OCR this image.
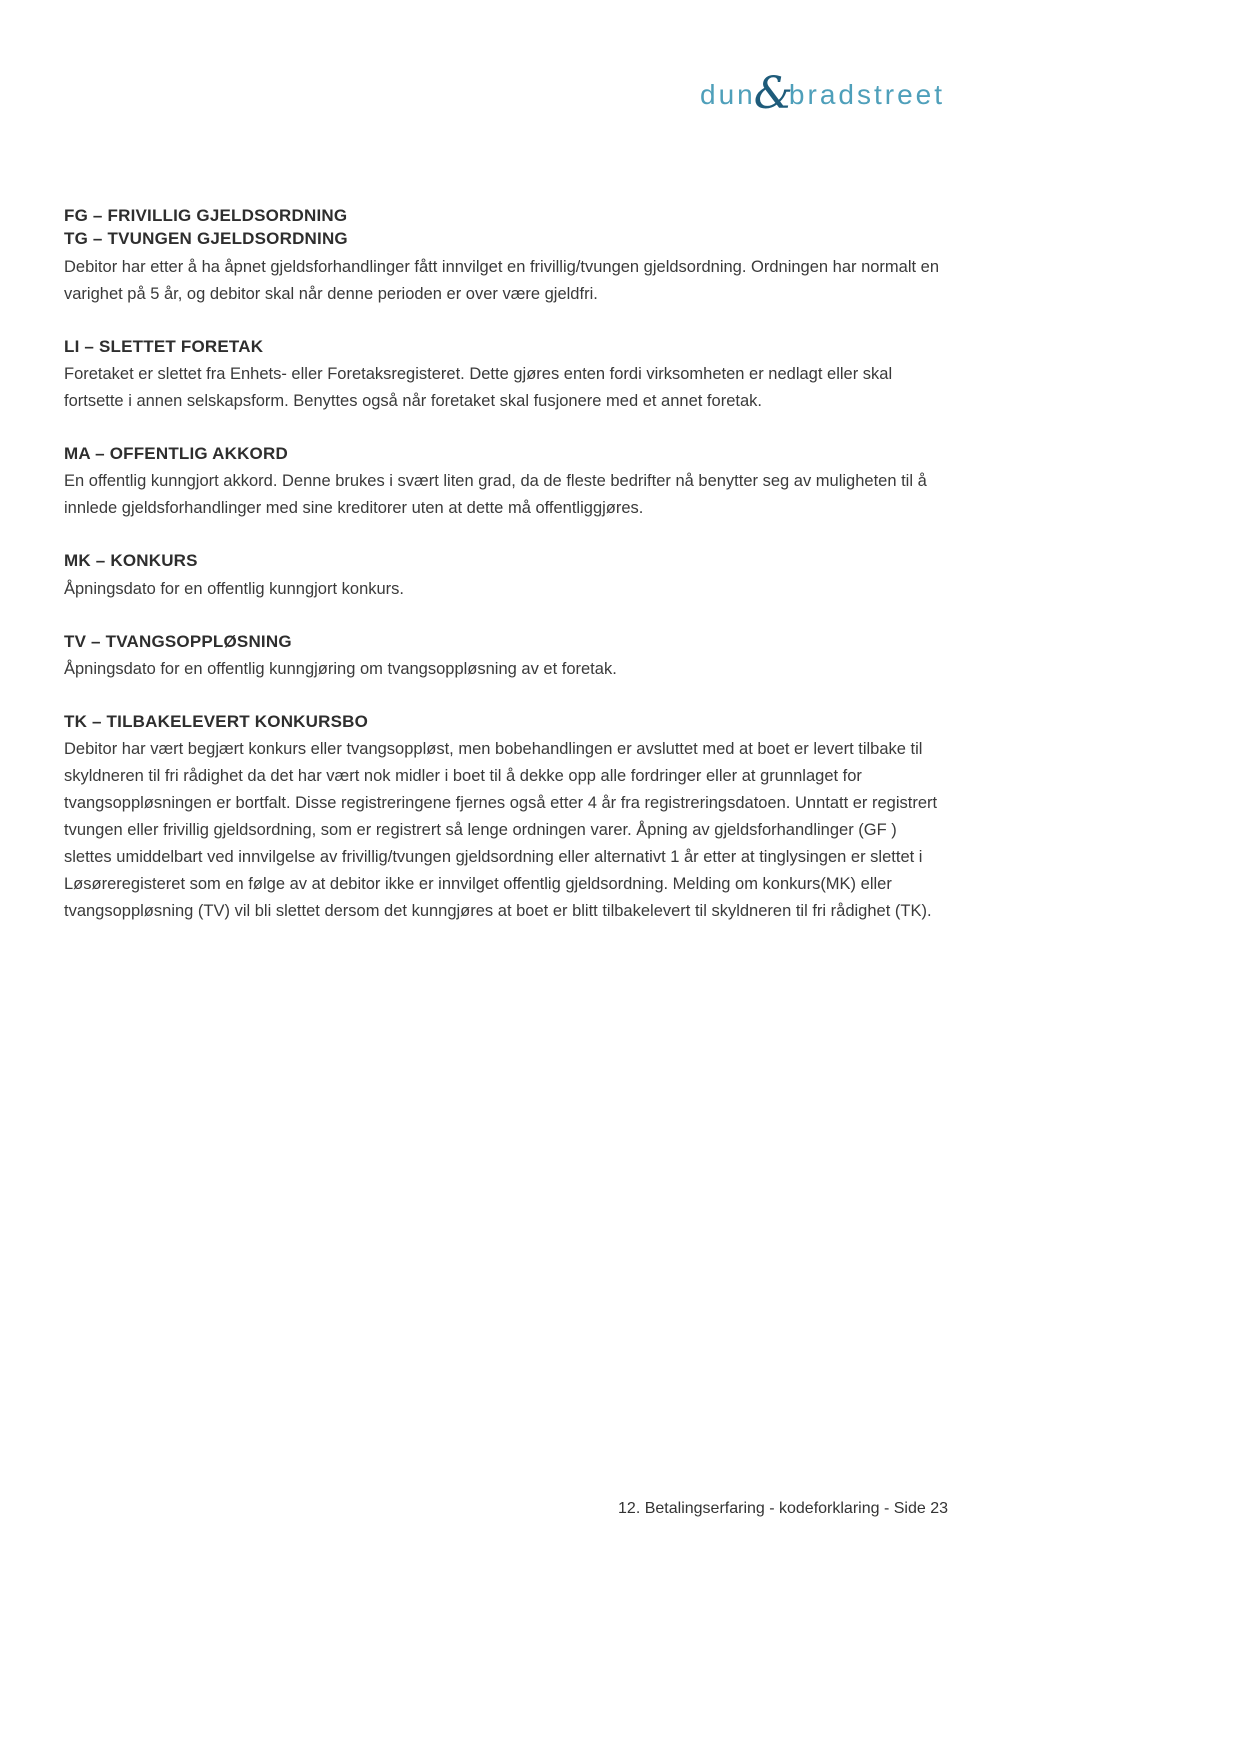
dun
&
bradstreet
FG – FRIVILLIG GJELDSORDNING
TG – TVUNGEN GJELDSORDNING

Debitor har etter å ha åpnet gjeldsforhandlinger fått innvilget en frivillig/tvungen gjeldsordning. Ordningen har normalt en varighet på 5 år, og debitor skal når denne perioden er over være gjeldfri.

LI – SLETTET FORETAK

Foretaket er slettet fra Enhets- eller Foretaksregisteret. Dette gjøres enten fordi virksomheten er nedlagt eller skal fortsette i annen selskapsform. Benyttes også når foretaket skal fusjonere med et annet foretak.

MA – OFFENTLIG AKKORD

En offentlig kunngjort akkord. Denne brukes i svært liten grad, da de fleste bedrifter nå benytter seg av muligheten til å innlede gjeldsforhandlinger med sine kreditorer uten at dette må offentliggjøres.

MK – KONKURS

Åpningsdato for en offentlig kunngjort konkurs.

TV – TVANGSOPPLØSNING

Åpningsdato for en offentlig kunngjøring om tvangsoppløsning av et foretak.

TK – TILBAKELEVERT KONKURSBO

Debitor har vært begjært konkurs eller tvangsoppløst, men bobehandlingen er avsluttet med at boet er levert tilbake til skyldneren til fri rådighet da det har vært nok midler i boet til å dekke opp alle fordringer eller at grunnlaget for tvangsoppløsningen er bortfalt. Disse registreringene fjernes også etter 4 år fra registreringsdatoen. Unntatt er registrert tvungen eller frivillig gjeldsordning, som er registrert så lenge ordningen varer. Åpning av gjeldsforhandlinger (GF ) slettes umiddelbart ved innvilgelse av frivillig/tvungen gjeldsordning eller alternativt 1 år etter at tinglysingen er slettet i Løsøreregisteret som en følge av at debitor ikke er innvilget offentlig gjeldsordning. Melding om konkurs(MK) eller tvangsoppløsning (TV) vil bli slettet dersom det kunngjøres at boet er blitt tilbakelevert til skyldneren til fri rådighet (TK).

12. Betalingserfaring - kodeforklaring - Side 23
